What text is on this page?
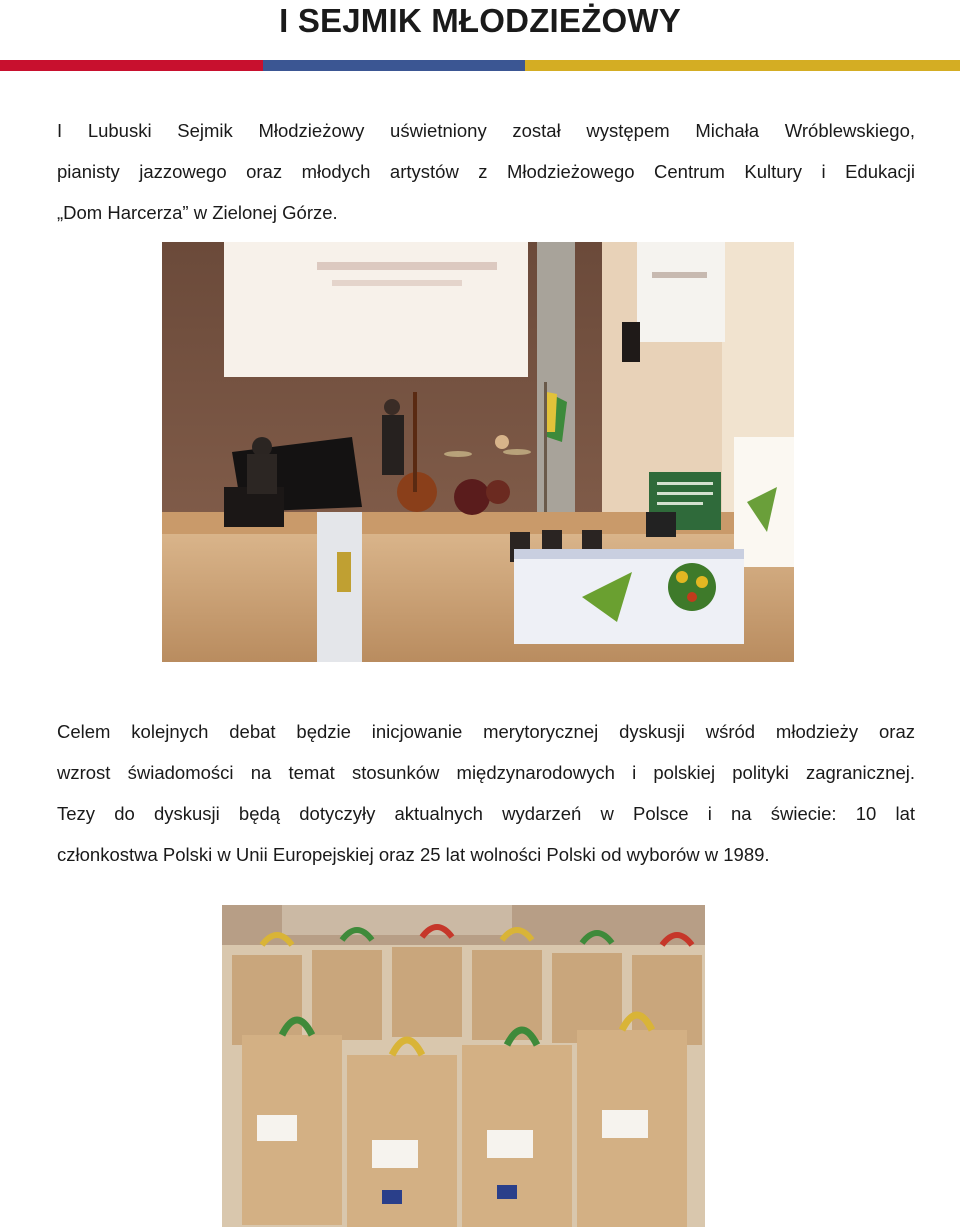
I SEJMIK MŁODZIEŻOWY

I Lubuski Sejmik Młodzieżowy uświetniony został występem Michała Wróblewskiego,
pianisty jazzowego oraz młodych artystów z Młodzieżowego Centrum Kultury i Edukacji
„Dom Harcerza” w Zielonej Górze.

Celem kolejnych debat będzie inicjowanie merytorycznej dyskusji wśród młodzieży oraz
wzrost świadomości na temat stosunków międzynarodowych i polskiej polityki zagranicznej.
Tezy do dyskusji będą dotyczyły aktualnych wydarzeń w Polsce i na świecie: 10 lat
członkostwa Polski w Unii Europejskiej oraz 25 lat wolności Polski od wyborów w 1989.
